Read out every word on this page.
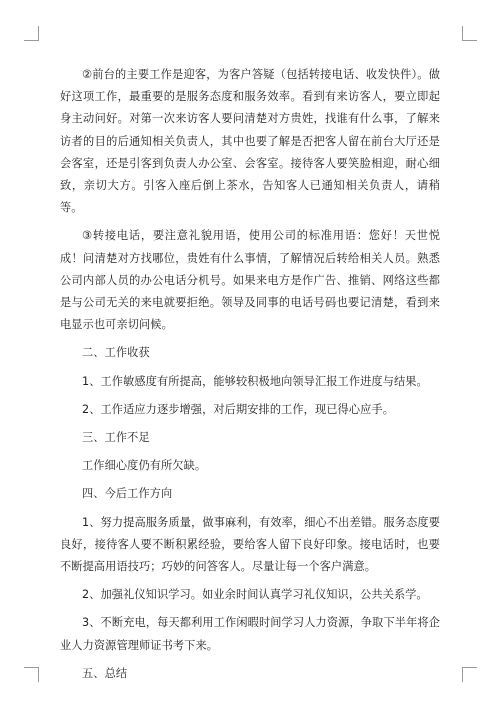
②前台的主要工作是迎客，为客户答疑（包括转接电话、收发快件）。做好这项工作，最重要的是服务态度和服务效率。看到有来访客人，要立即起身主动问好。对第一次来访客人要问清楚对方贵姓，找谁有什么事，了解来访者的目的后通知相关负责人，其中也要了解是否把客人留在前台大厅还是会客室，还是引客到负责人办公室、会客室。接待客人要笑脸相迎，耐心细致，亲切大方。引客入座后倒上茶水，告知客人已通知相关负责人，请稍等。

③转接电话，要注意礼貌用语，使用公司的标准用语：您好！天世悦成！问清楚对方找哪位，贵姓有什么事情，了解情况后转给相关人员。熟悉公司内部人员的办公电话分机号。如果来电方是作广告、推销、网络这些都是与公司无关的来电就要拒绝。领导及同事的电话号码也要记清楚，看到来电显示也可亲切问候。

二、工作收获

1、工作敏感度有所提高，能够较积极地向领导汇报工作进度与结果。

2、工作适应力逐步增强，对后期安排的工作，现已得心应手。

三、工作不足

工作细心度仍有所欠缺。

四、今后工作方向

1、努力提高服务质量，做事麻利，有效率，细心不出差错。服务态度要良好，接待客人要不断积累经验，要给客人留下良好印象。接电话时，也要不断提高用语技巧；巧妙的问答客人。尽量让每一个客户满意。

2、加强礼仪知识学习。如业余时间认真学习礼仪知识，公共关系学。

3、不断充电，每天都利用工作闲暇时间学习人力资源，争取下半年将企业人力资源管理师证书考下来。

五、总结
